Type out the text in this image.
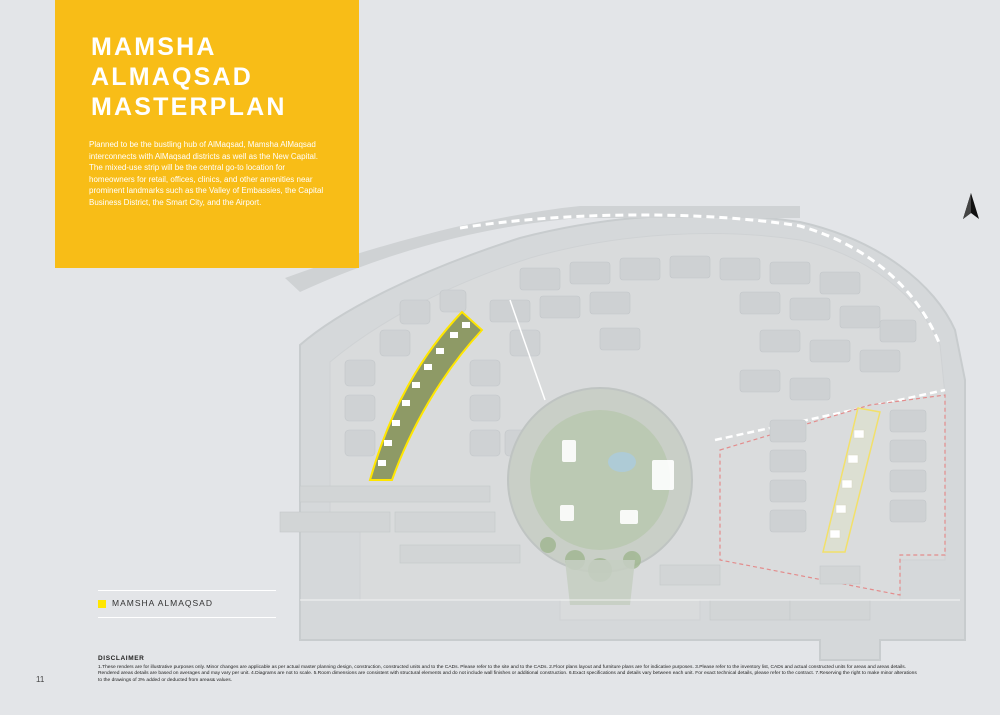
MAMSHA
ALMAQSAD
MASTERPLAN

Planned to be the bustling hub of AlMaqsad, Mamsha AlMaqsad interconnects with AlMaqsad districts as well as the New Capital.

The mixed-use strip will be the central go-to location for homeowners for retail, offices, clinics, and other amenities near prominent landmarks such as the Valley of Embassies, the Capital Business District, the Smart City, and the Airport.

MAMSHA ALMAQSAD

DISCLAIMER

1.These renders are for illustrative purposes only. Minor changes are applicable as per actual master planning design, construction, constructed units and to the CADs. Please refer to the site and to the CADs. 2.Floor plans layout and furniture plans are for indicative purposes. 3.Please refer to the inventory list, CADs and actual constructed units for areas and areas details. Rendered areas details are based on averages and may vary per unit. 4.Diagrams are not to scale. 5.Room dimensions are consistent with structural elements and do not include wall finishes or additional construction. 6.Exact specifications and details vary between each unit. For exact technical details, please refer to the contract. 7.Reserving the right to make minor alterations to the drawings of 3% added or deducted from areas& values.

11
